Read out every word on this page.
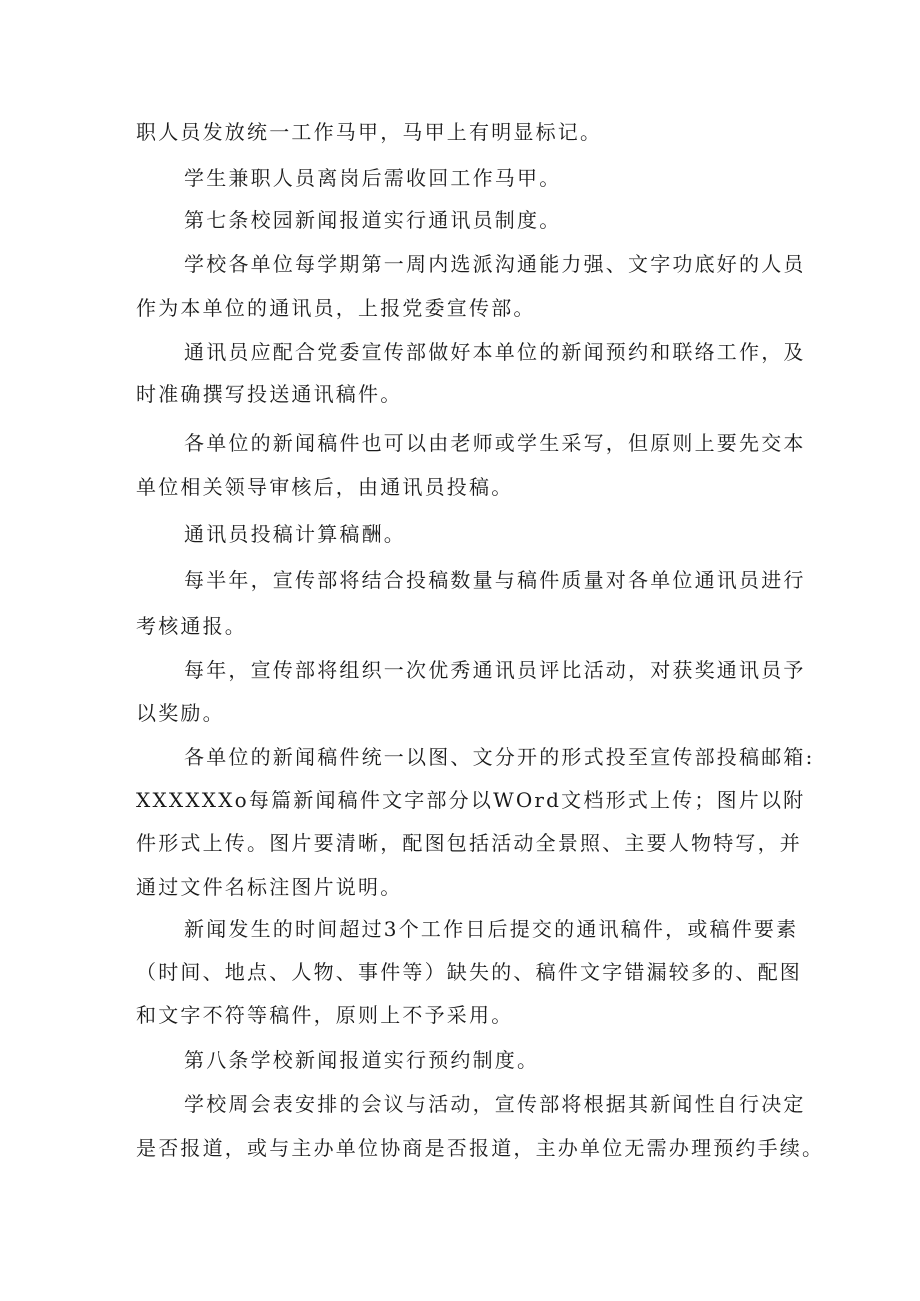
职人员发放统一工作马甲，马甲上有明显标记。
学生兼职人员离岗后需收回工作马甲。
第七条校园新闻报道实行通讯员制度。
学校各单位每学期第一周内选派沟通能力强、文字功底好的人员
作为本单位的通讯员，上报党委宣传部。
通讯员应配合党委宣传部做好本单位的新闻预约和联络工作，及
时准确撰写投送通讯稿件。
各单位的新闻稿件也可以由老师或学生采写，但原则上要先交本
单位相关领导审核后，由通讯员投稿。
通讯员投稿计算稿酬。
每半年，宣传部将结合投稿数量与稿件质量对各单位通讯员进行
考核通报。
每年，宣传部将组织一次优秀通讯员评比活动，对获奖通讯员予
以奖励。
各单位的新闻稿件统一以图、文分开的形式投至宣传部投稿邮箱:
XXXXXXo每篇新闻稿件文字部分以WOrd文档形式上传；图片以附
件形式上传。图片要清晰，配图包括活动全景照、主要人物特写，并
通过文件名标注图片说明。
新闻发生的时间超过3个工作日后提交的通讯稿件，或稿件要素
（时间、地点、人物、事件等）缺失的、稿件文字错漏较多的、配图
和文字不符等稿件，原则上不予采用。
第八条学校新闻报道实行预约制度。
学校周会表安排的会议与活动，宣传部将根据其新闻性自行决定
是否报道，或与主办单位协商是否报道，主办单位无需办理预约手续。
